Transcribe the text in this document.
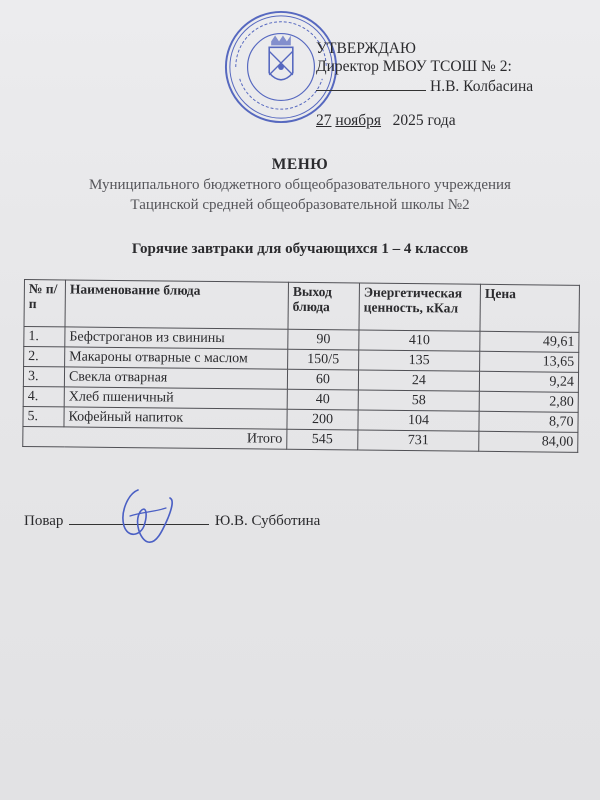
УТВЕРЖДАЮ
Директор МБОУ ТСОШ № 2:
Н.В. Колбасина
27 ноября 2025 года
МЕНЮ
Муниципального бюджетного общеобразовательного учреждения
Тацинской средней общеобразовательной школы №2
Горячие завтраки для обучающихся 1 – 4 классов
№ п/п	Наименование блюда	Выход блюда	Энергетическая ценность, кКал	Цена
1.	Бефстроганов из свинины	90	410	49,61
2.	Макароны отварные с маслом	150/5	135	13,65
3.	Свекла отварная	60	24	9,24
4.	Хлеб пшеничный	40	58	2,80
5.	Кофейный напиток	200	104	8,70
Итого		545	731	84,00
Повар	Ю.В. Субботина
